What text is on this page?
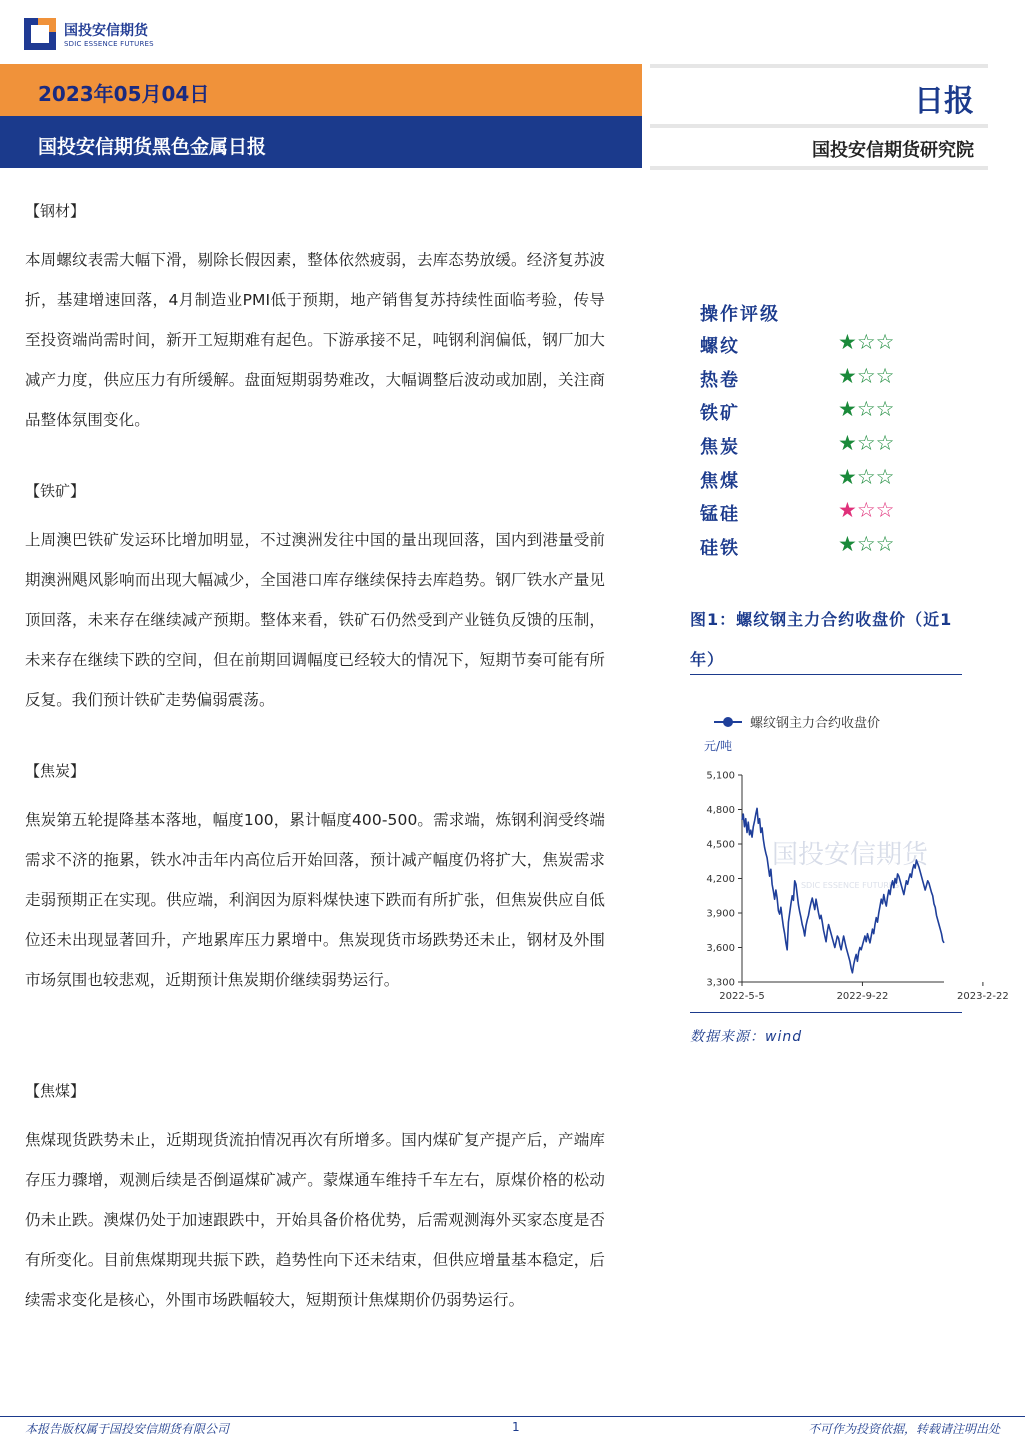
国投安信期货
SDIC ESSENCE FUTURES
2023年05月04日
国投安信期货黑色金属日报
日报
国投安信期货研究院
【钢材】
本周螺纹表需大幅下滑，剔除长假因素，整体依然疲弱，去库态势放缓。经济复苏波折，基建增速回落，4月制造业PMI低于预期，地产销售复苏持续性面临考验，传导至投资端尚需时间，新开工短期难有起色。下游承接不足，吨钢利润偏低，钢厂加大减产力度，供应压力有所缓解。盘面短期弱势难改，大幅调整后波动或加剧，关注商品整体氛围变化。
【铁矿】
上周澳巴铁矿发运环比增加明显，不过澳洲发往中国的量出现回落，国内到港量受前期澳洲飓风影响而出现大幅减少，全国港口库存继续保持去库趋势。钢厂铁水产量见顶回落，未来存在继续减产预期。整体来看，铁矿石仍然受到产业链负反馈的压制，未来存在继续下跌的空间，但在前期回调幅度已经较大的情况下，短期节奏可能有所反复。我们预计铁矿走势偏弱震荡。
【焦炭】
焦炭第五轮提降基本落地，幅度100，累计幅度400-500。需求端，炼钢利润受终端需求不济的拖累，铁水冲击年内高位后开始回落，预计减产幅度仍将扩大，焦炭需求走弱预期正在实现。供应端，利润因为原料煤快速下跌而有所扩张，但焦炭供应自低位还未出现显著回升，产地累库压力累增中。焦炭现货市场跌势还未止，钢材及外围市场氛围也较悲观，近期预计焦炭期价继续弱势运行。
【焦煤】
焦煤现货跌势未止，近期现货流拍情况再次有所增多。国内煤矿复产提产后，产端库存压力骤增，观测后续是否倒逼煤矿减产。蒙煤通车维持千车左右，原煤价格的松动仍未止跌。澳煤仍处于加速跟跌中，开始具备价格优势，后需观测海外买家态度是否有所变化。目前焦煤期现共振下跌，趋势性向下还未结束，但供应增量基本稳定，后续需求变化是核心，外围市场跌幅较大，短期预计焦煤期价仍弱势运行。
操作评级
螺纹	★☆☆
热卷	★☆☆
铁矿	★☆☆
焦炭	★☆☆
焦煤	★☆☆
锰硅	★☆☆
硅铁	★☆☆
图1：螺纹钢主力合约收盘价（近1年）
国投安信期货
SDIC ESSENCE FUTURES
螺纹钢主力合约收盘价
元/吨
3,300
3,600
3,900
4,200
4,500
4,800
5,100
2022-5-5	2022-9-22	2023-2-22
数据来源：wind
本报告版权属于国投安信期货有限公司	1	不可作为投资依据，转载请注明出处
